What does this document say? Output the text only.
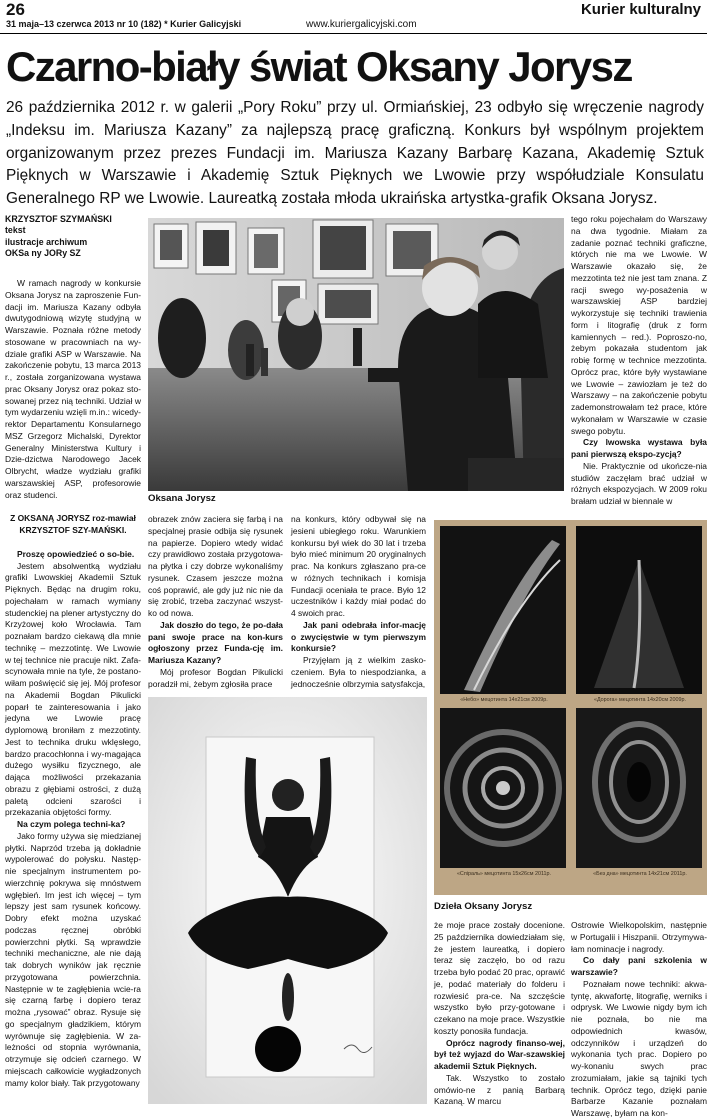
26
31 maja–13 czerwca 2013 nr 10 (182) * Kurier Galicyjski	www.kuriergalicyjski.com
Kurier kulturalny
Czarno-biały świat Oksany Jorysz
26 października 2012 r. w galerii „Pory Roku” przy ul. Ormiańskiej, 23 odbyło się wręczenie nagrody „Indeksu im. Mariusza Kazany” za najlepszą pracę graficzną. Konkurs był wspólnym projektem organizowanym przez prezes Fundacji im. Mariusza Kazany Barbarę Kazana, Akademię Sztuk Pięknych w Warszawie i Akademię Sztuk Pięknych we Lwowie przy współudziale Konsulatu Generalnego RP we Lwowie. Laureatką została młoda ukraińska artystka-grafik Oksana Jorysz.
KRZYSZTOF SZYMAŃSKI
tekst
ilustracje archiwum
OKSa ny JORy SZ

W ramach nagrody w konkursie Oksana Jorysz na zaproszenie Fun-dacji im. Mariusza Kazany odbyła dwutygodniową wizytę studyjną w Warszawie. Poznała różne metody stosowane w pracowniach na wy-dziale grafiki ASP w Warszawie. Na zakończenie pobytu, 13 marca 2013 r., została zorganizowana wystawa prac Oksany Jorysz oraz pokaz sto-sowanej przez nią techniki. Udział w tym wydarzeniu wzięli m.in.: wicedy-rektor Departamentu Konsularnego MSZ Grzegorz Michalski, Dyrektor Generalny Ministerstwa Kultury i Dzie-dzictwa Narodowego Jacek Olbrycht, władze wydziału grafiki warszawskiej ASP, profesorowie oraz studenci.

Z OKSANĄ JORYSZ roz-mawiał KRZYSZTOF SZY-MAŃSKI.

Proszę opowiedzieć o so-bie.

Jestem absolwentką wydziału grafiki Lwowskiej Akademii Sztuk Pięknych. Będąc na drugim roku, pojechałam w ramach wymiany studenckiej na plener artystyczny do Krzyżowej koło Wrocławia. Tam poznałam bardzo ciekawą dla mnie technikę – mezzotintę. We Lwowie w tej technice nie pracuje nikt. Zafa-scynowała mnie na tyle, że postano-wiłam poświęcić się jej. Mój profesor na Akademii Bogdan Pikulicki poparł te zainteresowania i jako jedyna we Lwowie pracę dyplomową broniłam z mezzotinty. Jest to technika druku wklęsłego, bardzo pracochłonna i wy-magająca dużego wysiłku fizycznego, ale dająca możliwości przekazania obrazu z głębiami ostrości, z dużą paletą odcieni szarości i przekazania objętości formy.

Na czym polega techni-ka?

Jako formy używa się miedzianej płytki. Naprzód trzeba ją dokładnie wypolerować do połysku. Następ-nie specjalnym instrumentem po-wierzchnię pokrywa się mnóstwem wgłębień. Im jest ich więcej – tym lepszy jest sam rysunek końcowy. Dobry efekt można uzyskać podczas ręcznej obróbki powierzchni płytki. Są wprawdzie techniki mechaniczne, ale nie dają tak dobrych wyników jak ręcznie przygotowana powierzchnia. Następnie w te zagłębienia wcie-ra się czarną farbę i dopiero teraz można „rysować” obraz. Rysuje się go specjalnym gładzikiem, którym wyrównuje się zagłębienia. W za-leżności od stopnia wyrównania, otrzymuje się odcień czarnego. W miejscach całkowicie wygładzonych mamy kolor biały. Tak przygotowany

Oksana Jorysz

obrazek znów zaciera się farbą i na specjalnej prasie odbija się rysunek na papierze. Dopiero wtedy widać czy prawidłowo została przygotowa-na płytka i czy dobrze wykonaliśmy rysunek. Czasem jeszcze można coś poprawić, ale gdy już nic nie da się zrobić, trzeba zaczynać wszyst-ko od nowa.

Jak doszło do tego, że po-dała pani swoje prace na kon-kurs ogłoszony przez Funda-cję im. Mariusza Kazany?

Mój profesor Bogdan Pikulicki poradził mi, żebym zgłosiła prace

na konkurs, który odbywał się na jesieni ubiegłego roku. Warunkiem konkursu był wiek do 30 lat i trzeba było mieć minimum 20 oryginalnych prac. Na konkurs zgłaszano pra-ce w różnych technikach i komisja Fundacji oceniała te prace. Było 12 uczestników i każdy miał podać do 4 swoich prac.

Jak pani odebrała infor-mację o zwycięstwie w tym pierwszym konkursie?

Przyjęłam ją z wielkim zasko-czeniem. Była to niespodzianka, a jednocześnie olbrzymia satysfakcja,

tego roku pojechałam do Warszawy na dwa tygodnie. Miałam za zadanie poznać techniki graficzne, których nie ma we Lwowie. W Warszawie okazało się, że mezzotinta też nie jest tam znana. Z racji swego wy-posażenia w warszawskiej ASP bardziej wykorzystuje się techniki trawienia form i litografię (druk z form kamiennych – red.). Poproszo-no, żebym pokazała studentom jak robię formę w technice mezzotinta. Oprócz prac, które były wystawiane we Lwowie – zawiozłam je też do Warszawy – na zakończenie pobytu zademonstrowałam też prace, które wykonałam w Warszawie w czasie swego pobytu.

Czy lwowska wystawa była pani pierwszą ekspo-zycją?

Nie. Praktycznie od ukończe-nia studiów zaczęłam brać udział w różnych ekspozycjach. W 2009 roku brałam udział w biennale w

«Небо» мецотинта 14x21см 2009р.	«Дорога» мецотинта 14x20см 2009р.
«Спіраль» мецотинта 15x26см 2011р.	«Без дна» мецотинта 14x21см 2011р.
Dzieła Oksany Jorysz

że moje prace zostały docenione. 25 października dowiedziałam się, że jestem laureatką, i dopiero teraz się zaczęło, bo od razu trzeba było podać 20 prac, oprawić je, podać materiały do folderu i rozwiesić pra-ce. Na szczęście wszystko było przy-gotowane i czekano na moje prace. Wszystkie koszty ponosiła fundacja.

Oprócz nagrody finanso-wej, był też wyjazd do War-szawskiej akademii Sztuk Pięknych.

Tak. Wszystko to zostało omówio-ne z panią Barbarą Kazaną. W marcu

Ostrowie Wielkopolskim, następnie w Portugalii i Hiszpanii. Otrzymywa-łam nominacje i nagrody.

Co dały pani szkolenia w warszawie?

Poznałam nowe techniki: akwa-tyntę, akwafortę, litografię, werniks i odprysk. We Lwowie nigdy bym ich nie poznała, bo nie ma odpowiednich kwasów, odczynników i urządzeń do wykonania tych prac. Dopiero po wy-konaniu swych prac zrozumiałam, jakie są tajniki tych technik. Oprócz tego, dzięki panie Barbarze Kazanie poznałam Warszawę, byłam na kon-
